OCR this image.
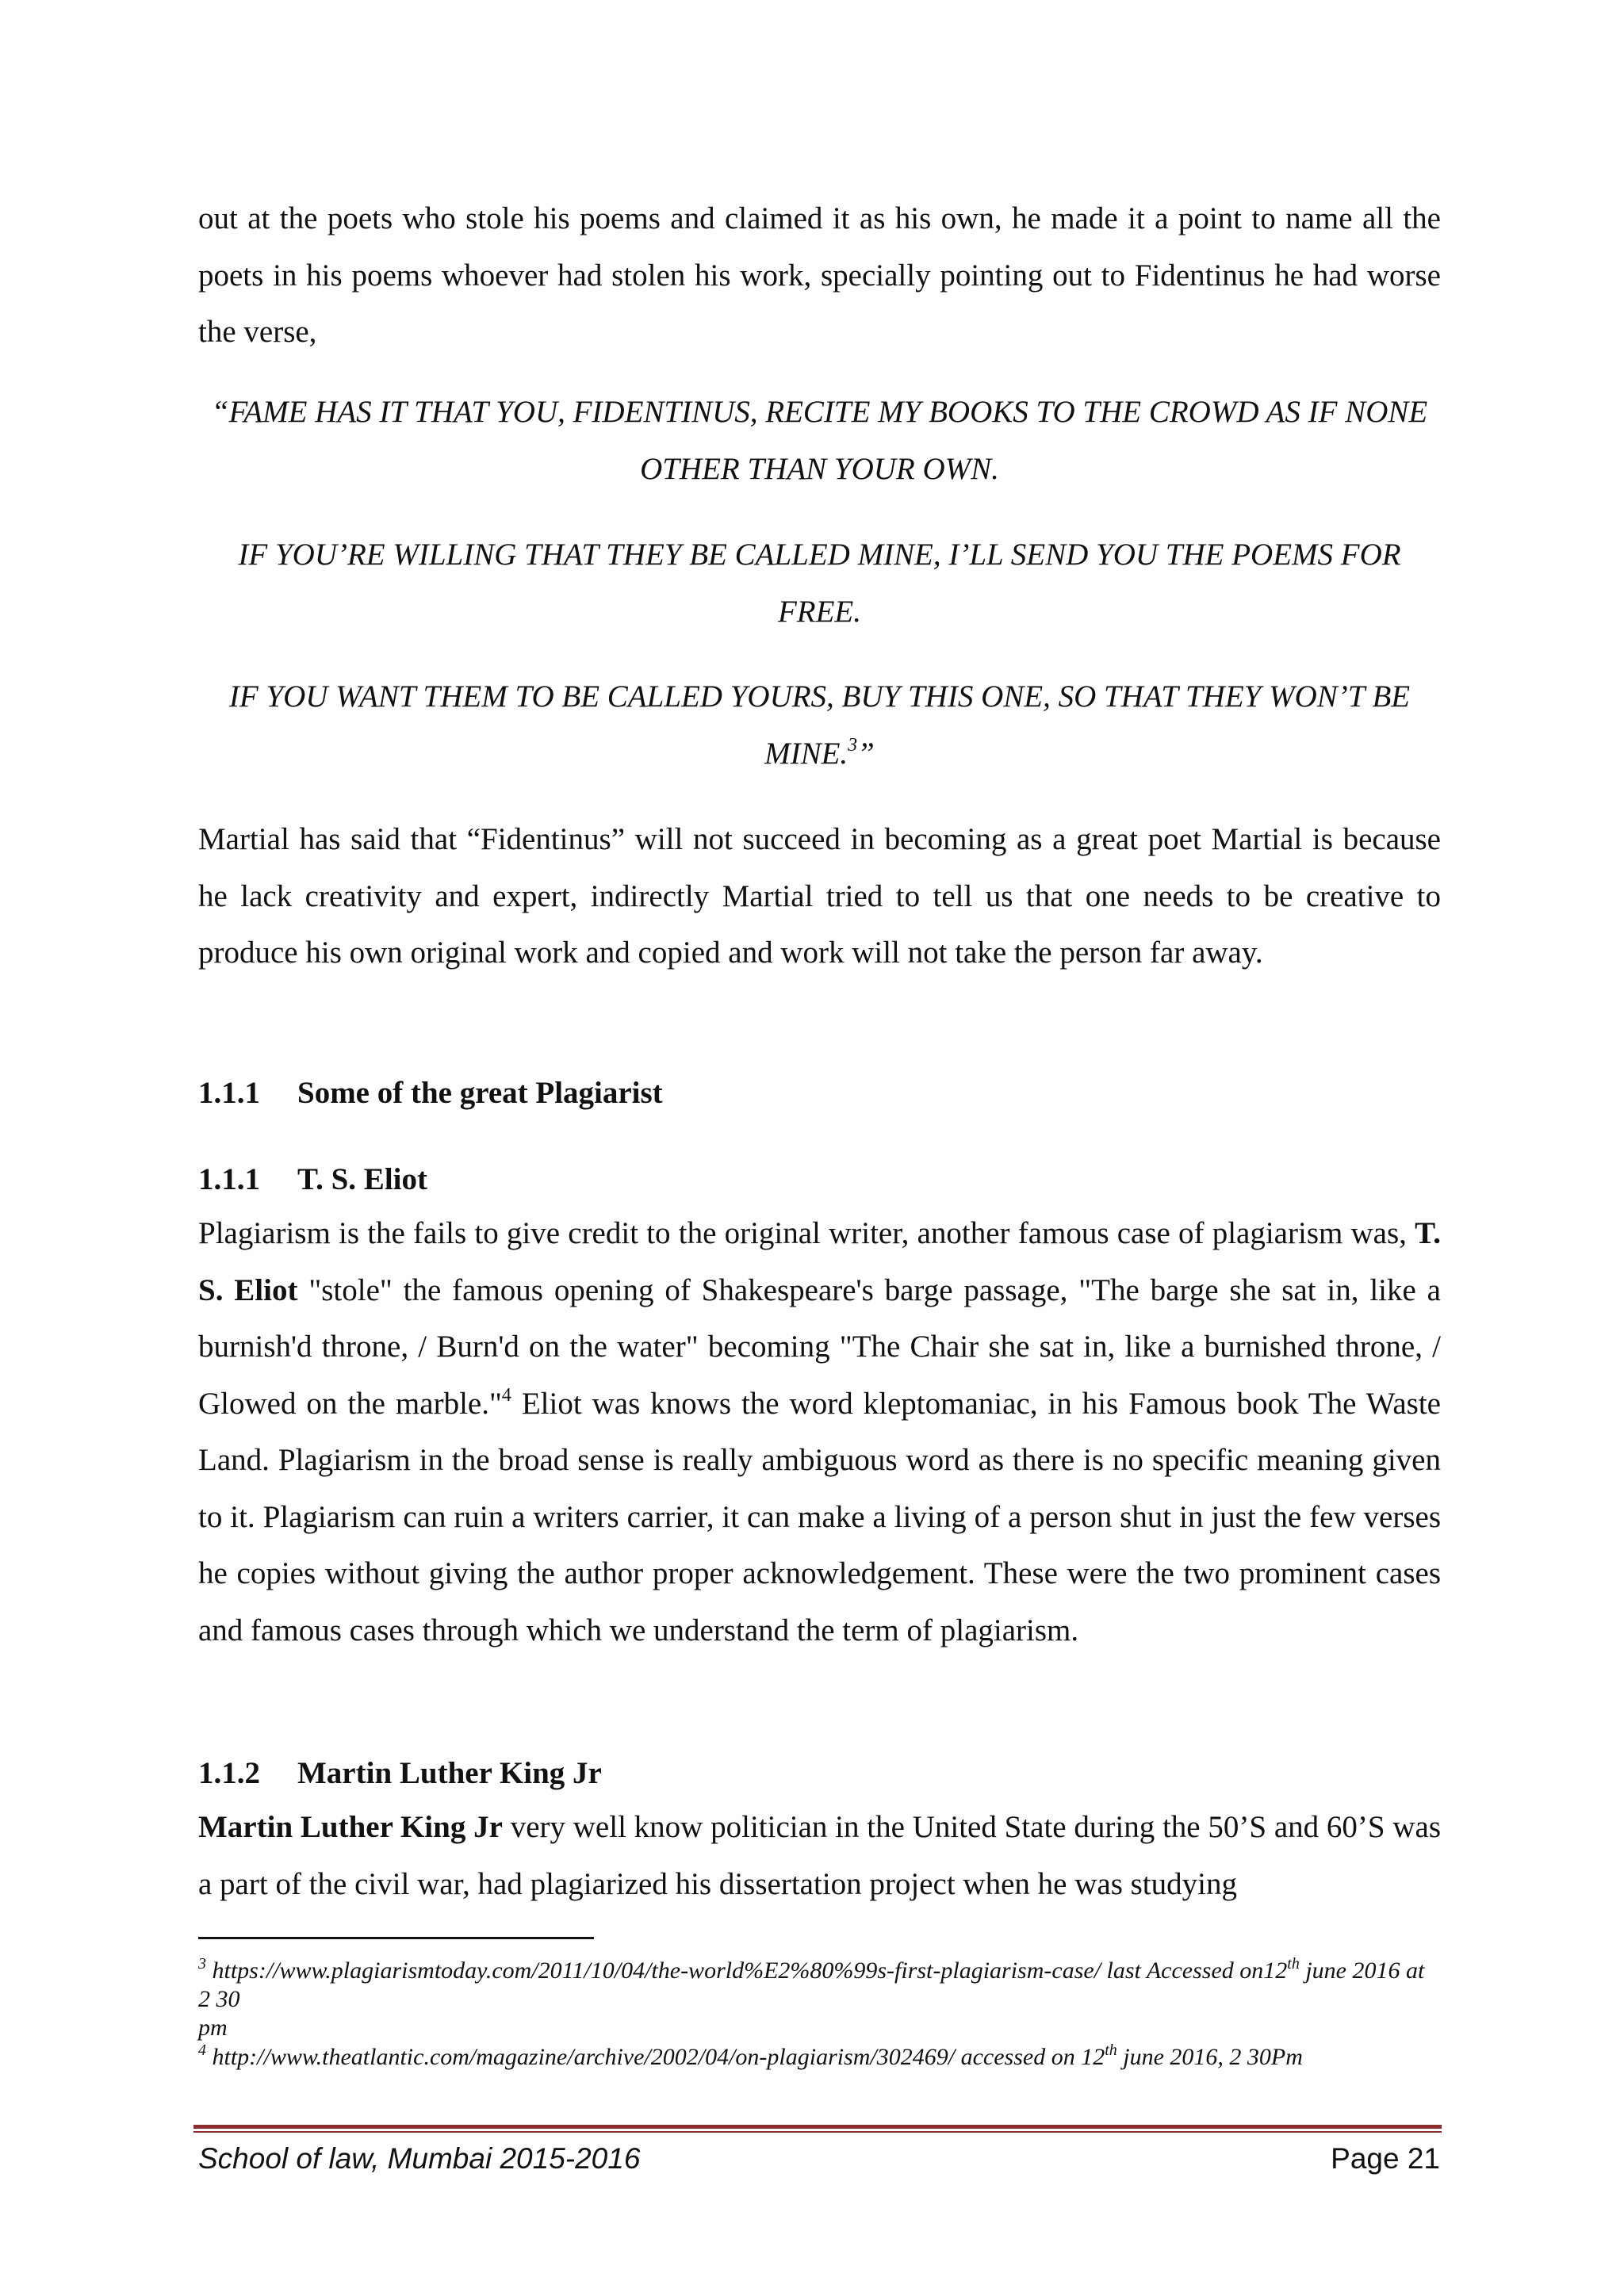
out at the poets who stole his poems and claimed it as his own, he made it a point to name all the poets in his poems whoever had stolen his work, specially pointing out to Fidentinus he had worse the verse,

“FAME HAS IT THAT YOU, FIDENTINUS, RECITE MY BOOKS TO THE CROWD AS IF NONE OTHER THAN YOUR OWN.

IF YOU’RE WILLING THAT THEY BE CALLED MINE, I’LL SEND YOU THE POEMS FOR FREE.

IF YOU WANT THEM TO BE CALLED YOURS, BUY THIS ONE, SO THAT THEY WON’T BE MINE.$^3$”

Martial has said that “Fidentinus” will not succeed in becoming as a great poet Martial is because he lack creativity and expert, indirectly Martial tried to tell us that one needs to be creative to produce his own original work and copied and work will not take the person far away.

1.1.1 Some of the great Plagiarist
1.1.1 T. S. Eliot

Plagiarism is the fails to give credit to the original writer, another famous case of plagiarism was, T. S. Eliot "stole" the famous opening of Shakespeare's barge passage, "The barge she sat in, like a burnish'd throne, / Burn'd on the water" becoming "The Chair she sat in, like a burnished throne, / Glowed on the marble."$^4$ Eliot was knows the word kleptomaniac, in his Famous book The Waste Land. Plagiarism in the broad sense is really ambiguous word as there is no specific meaning given to it. Plagiarism can ruin a writers carrier, it can make a living of a person shut in just the few verses he copies without giving the author proper acknowledgement. These were the two prominent cases and famous cases through which we understand the term of plagiarism.

1.1.2 Martin Luther King Jr

Martin Luther King Jr very well know politician in the United State during the 50’S and 60’S was a part of the civil war, had plagiarized his dissertation project when he was studying

$^3$ https://www.plagiarismtoday.com/2011/10/04/the-world%E2%80%99s-first-plagiarism-case/ last Accessed on12th june 2016 at 2 30
pm

$^4$ http://www.theatlantic.com/magazine/archive/2002/04/on-plagiarism/302469/ accessed on 12th june 2016, 2 30Pm

School of law, Mumbai 2015-2016	Page 21
